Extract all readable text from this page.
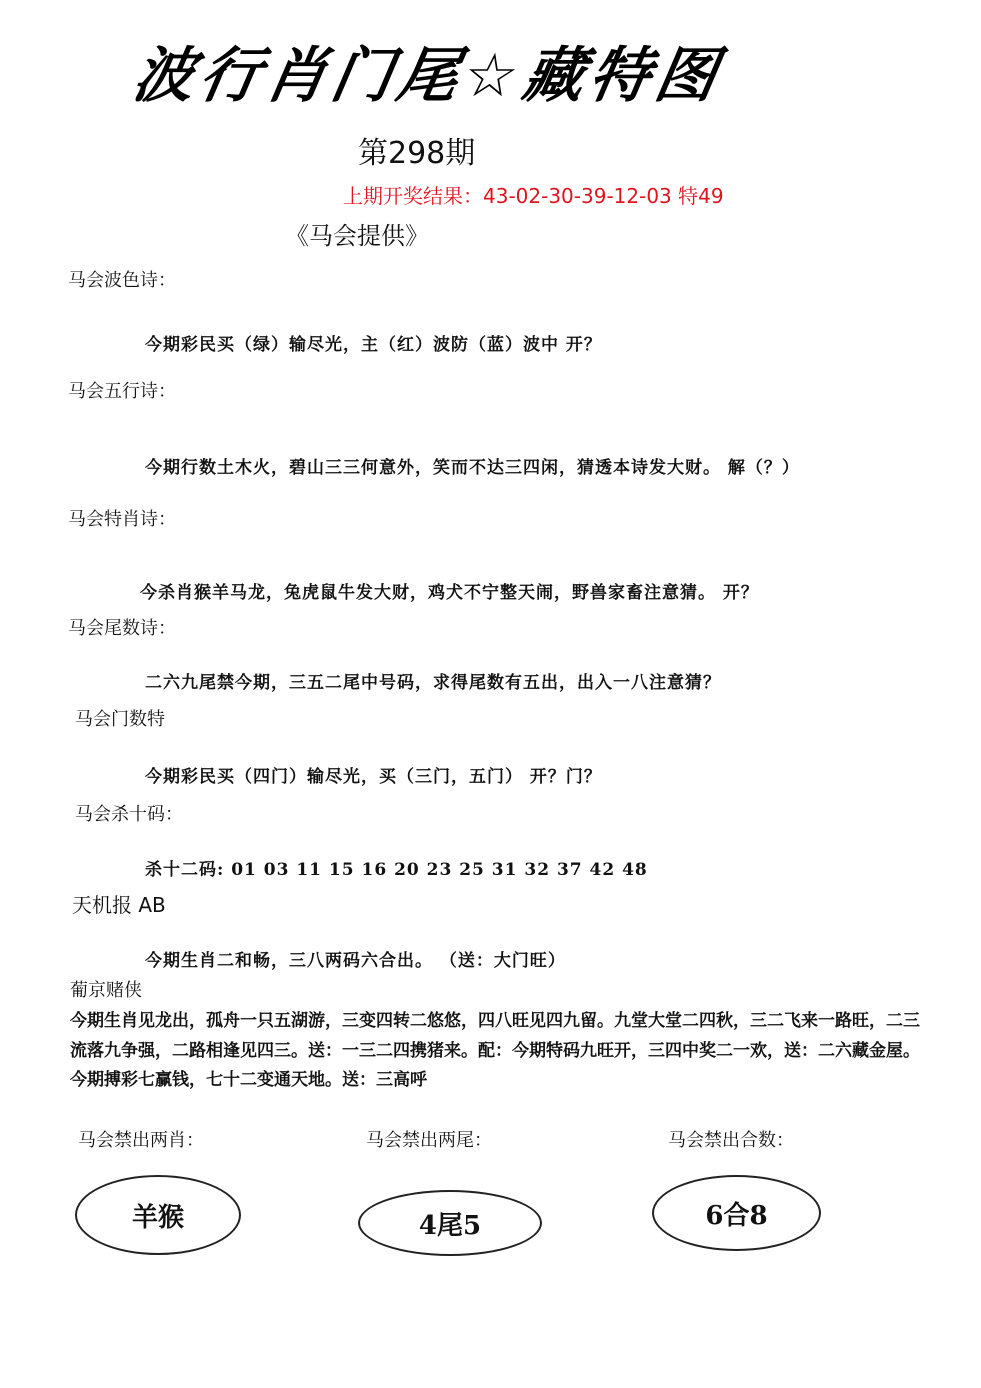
波行肖门尾☆藏特图
第298期
上期开奖结果：43-02-30-39-12-03 特49
《马会提供》
马会波色诗：
今期彩民买（绿）输尽光，主（红）波防（蓝）波中 开？
马会五行诗：
今期行数土木火，碧山三三何意外，笑而不达三四闲，猜透本诗发大财。 解（？）
马会特肖诗：
今杀肖猴羊马龙，兔虎鼠牛发大财，鸡犬不宁整天闹，野兽家畜注意猜。 开？
马会尾数诗：
二六九尾禁今期，三五二尾中号码，求得尾数有五出，出入一八注意猜？
马会门数特
今期彩民买（四门）输尽光，买（三门，五门） 开？门？
马会杀十码：
杀十二码: 01 03 11 15 16 20 23 25 31 32 37 42 48
天机报 AB
今期生肖二和畅，三八两码六合出。 （送：大门旺）
葡京赌侠
今期生肖见龙出，孤舟一只五湖游，三变四转二悠悠，四八旺见四九留。九堂大堂二四秋，三二飞来一路旺，二三流落九争强，二路相逢见四三。送：一三二四携猪来。配：今期特码九旺开，三四中奖二一欢，送：二六藏金屋。今期搏彩七赢钱，七十二变通天地。送：三高呼
马会禁出两肖：	马会禁出两尾：	马会禁出合数：
羊猴	4尾5	6合8
